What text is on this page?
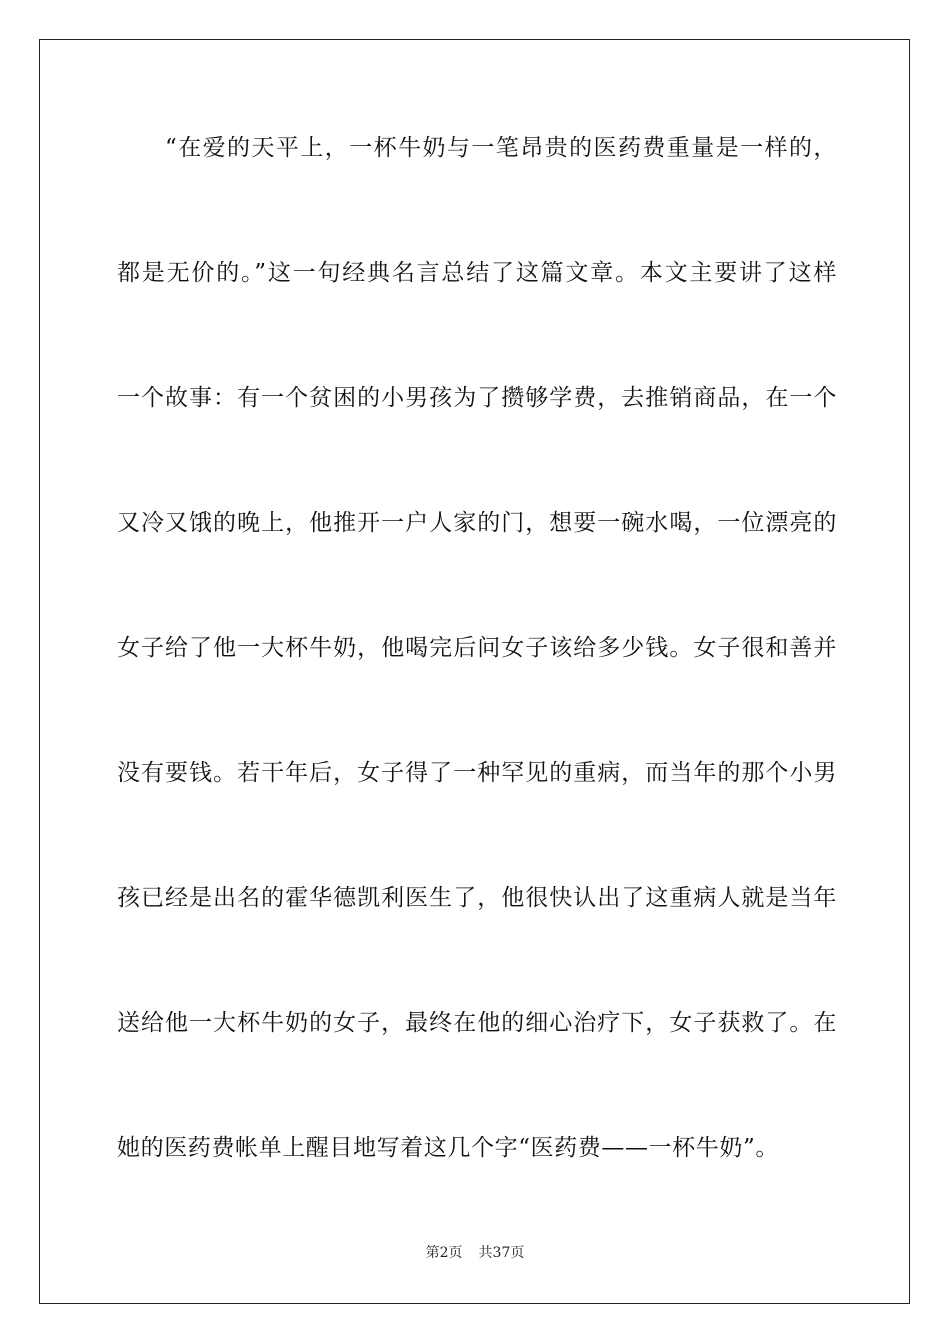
“在爱的天平上，一杯牛奶与一笔昂贵的医药费重量是一样的，
都是无价的。”这一句经典名言总结了这篇文章。本文主要讲了这样
一个故事：有一个贫困的小男孩为了攒够学费，去推销商品，在一个
又冷又饿的晚上，他推开一户人家的门，想要一碗水喝，一位漂亮的
女子给了他一大杯牛奶，他喝完后问女子该给多少钱。女子很和善并
没有要钱。若干年后，女子得了一种罕见的重病，而当年的那个小男
孩已经是出名的霍华德凯利医生了，他很快认出了这重病人就是当年
送给他一大杯牛奶的女子，最终在他的细心治疗下，女子获救了。在
她的医药费帐单上醒目地写着这几个字“医药费——一杯牛奶”。
第2页 共37页
